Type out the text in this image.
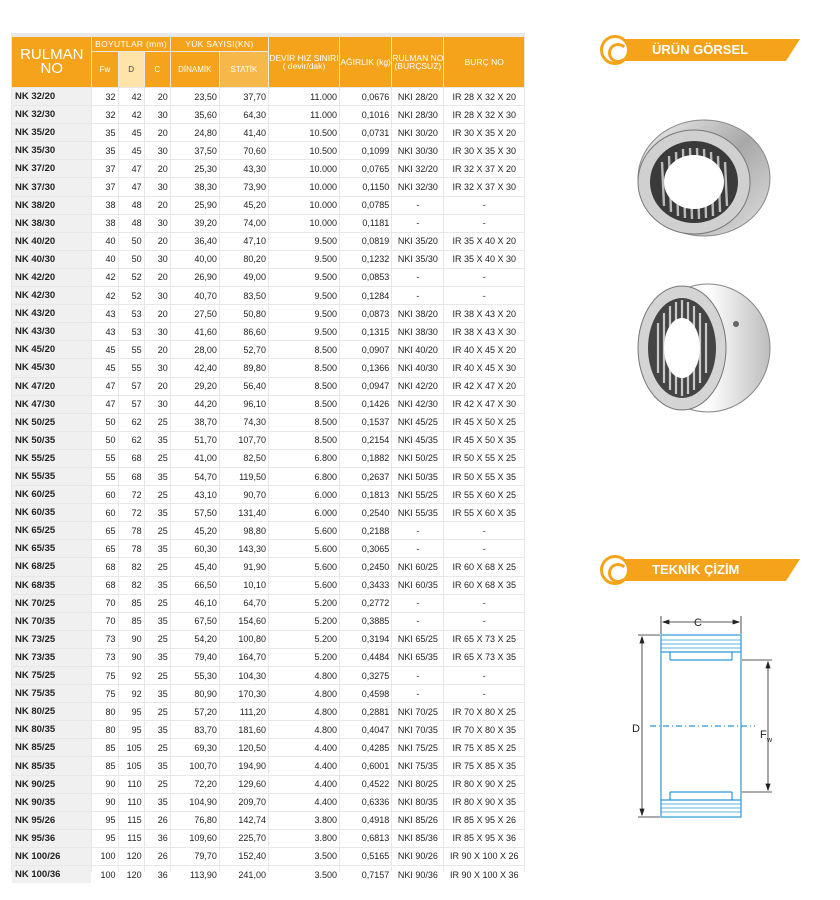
RULMAN NO	BOYUTLAR (mm)			YÜK SAYISI(KN)		DEVİR HIZ SINIRI ( devir/dak)	AĞIRLIK (kg)	RULMAN NO (BURÇSUZ)	BURÇ NO
	Fw	D	C	DİNAMİK	STATİK				
NK 32/20	32	42	20	23,50	37,70	11.000	0,0676	NKI 28/20	IR 28 X 32 X 20
NK 32/30	32	42	30	35,60	64,30	11.000	0,1016	NKI 28/30	IR 28 X 32 X 30
NK 35/20	35	45	20	24,80	41,40	10.500	0,0731	NKI 30/20	IR 30 X 35 X 20
NK 35/30	35	45	30	37,50	70,60	10.500	0,1099	NKI 30/30	IR 30 X 35 X 30
NK 37/20	37	47	20	25,30	43,30	10.000	0,0765	NKI 32/20	IR 32 X 37 X 20
NK 37/30	37	47	30	38,30	73,90	10.000	0,1150	NKI 32/30	IR 32 X 37 X 30
NK 38/20	38	48	20	25,90	45,20	10.000	0,0785	-	-
NK 38/30	38	48	30	39,20	74,00	10.000	0,1181	-	-
NK 40/20	40	50	20	36,40	47,10	9.500	0,0819	NKI 35/20	IR 35 X 40 X 20
NK 40/30	40	50	30	40,00	80,20	9.500	0,1232	NKI 35/30	IR 35 X 40 X 30
NK 42/20	42	52	20	26,90	49,00	9.500	0,0853	-	-
NK 42/30	42	52	30	40,70	83,50	9.500	0,1284	-	-
NK 43/20	43	53	20	27,50	50,80	9.500	0,0873	NKI 38/20	IR 38 X 43 X 20
NK 43/30	43	53	30	41,60	86,60	9.500	0,1315	NKI 38/30	IR 38 X 43 X 30
NK 45/20	45	55	20	28,00	52,70	8.500	0,0907	NKI 40/20	IR 40 X 45 X 20
NK 45/30	45	55	30	42,40	89,80	8.500	0,1366	NKI 40/30	IR 40 X 45 X 30
NK 47/20	47	57	20	29,20	56,40	8.500	0,0947	NKI 42/20	IR 42 X 47 X 20
NK 47/30	47	57	30	44,20	96,10	8.500	0,1426	NKI 42/30	IR 42 X 47 X 30
NK 50/25	50	62	25	38,70	74,30	8.500	0,1537	NKI 45/25	IR 45 X 50 X 25
NK 50/35	50	62	35	51,70	107,70	8.500	0,2154	NKI 45/35	IR 45 X 50 X 35
NK 55/25	55	68	25	41,00	82,50	6.800	0,1882	NKI 50/25	IR 50 X 55 X 25
NK 55/35	55	68	35	54,70	119,50	6.800	0,2637	NKI 50/35	IR 50 X 55 X 35
NK 60/25	60	72	25	43,10	90,70	6.000	0,1813	NKI 55/25	IR 55 X 60 X 25
NK 60/35	60	72	35	57,50	131,40	6.000	0,2540	NKI 55/35	IR 55 X 60 X 35
NK 65/25	65	78	25	45,20	98,80	5.600	0,2188	-	-
NK 65/35	65	78	35	60,30	143,30	5.600	0,3065	-	-
NK 68/25	68	82	25	45,40	91,90	5.600	0,2450	NKI 60/25	IR 60 X 68 X 25
NK 68/35	68	82	35	66,50	10,10	5.600	0,3433	NKI 60/35	IR 60 X 68 X 35
NK 70/25	70	85	25	46,10	64,70	5.200	0,2772	-	-
NK 70/35	70	85	35	67,50	154,60	5.200	0,3885	-	-
NK 73/25	73	90	25	54,20	100,80	5.200	0,3194	NKI 65/25	IR 65 X 73 X 25
NK 73/35	73	90	35	79,40	164,70	5.200	0,4484	NKI 65/35	IR 65 X 73 X 35
NK 75/25	75	92	25	55,30	104,30	4.800	0,3275	-	-
NK 75/35	75	92	35	80,90	170,30	4.800	0,4598	-	-
NK 80/25	80	95	25	57,20	111,20	4.800	0,2881	NKI 70/25	IR 70 X 80 X 25
NK 80/35	80	95	35	83,70	181,60	4.800	0,4047	NKI 70/35	IR 70 X 80 X 35
NK 85/25	85	105	25	69,30	120,50	4.400	0,4285	NKI 75/25	IR 75 X 85 X 25
NK 85/35	85	105	35	100,70	194,90	4.400	0,6001	NKI 75/35	IR 75 X 85 X 35
NK 90/25	90	110	25	72,20	129,60	4.400	0,4522	NKI 80/25	IR 80 X 90 X 25
NK 90/35	90	110	35	104,90	209,70	4.400	0,6336	NKI 80/35	IR 80 X 90 X 35
NK 95/26	95	115	26	76,80	142,74	3.800	0,4918	NKI 85/26	IR 85 X 95 X 26
NK 95/36	95	115	36	109,60	225,70	3.800	0,6813	NKI 85/36	IR 85 X 95 X 36
NK 100/26	100	120	26	79,70	152,40	3.500	0,5165	NKI 90/26	IR 90 X 100 X 26
NK 100/36	100	120	36	113,90	241,00	3.500	0,7157	NKI 90/36	IR 90 X 100 X 36
ÜRÜN GÖRSEL
TEKNİK ÇİZİM
C
D	F w
